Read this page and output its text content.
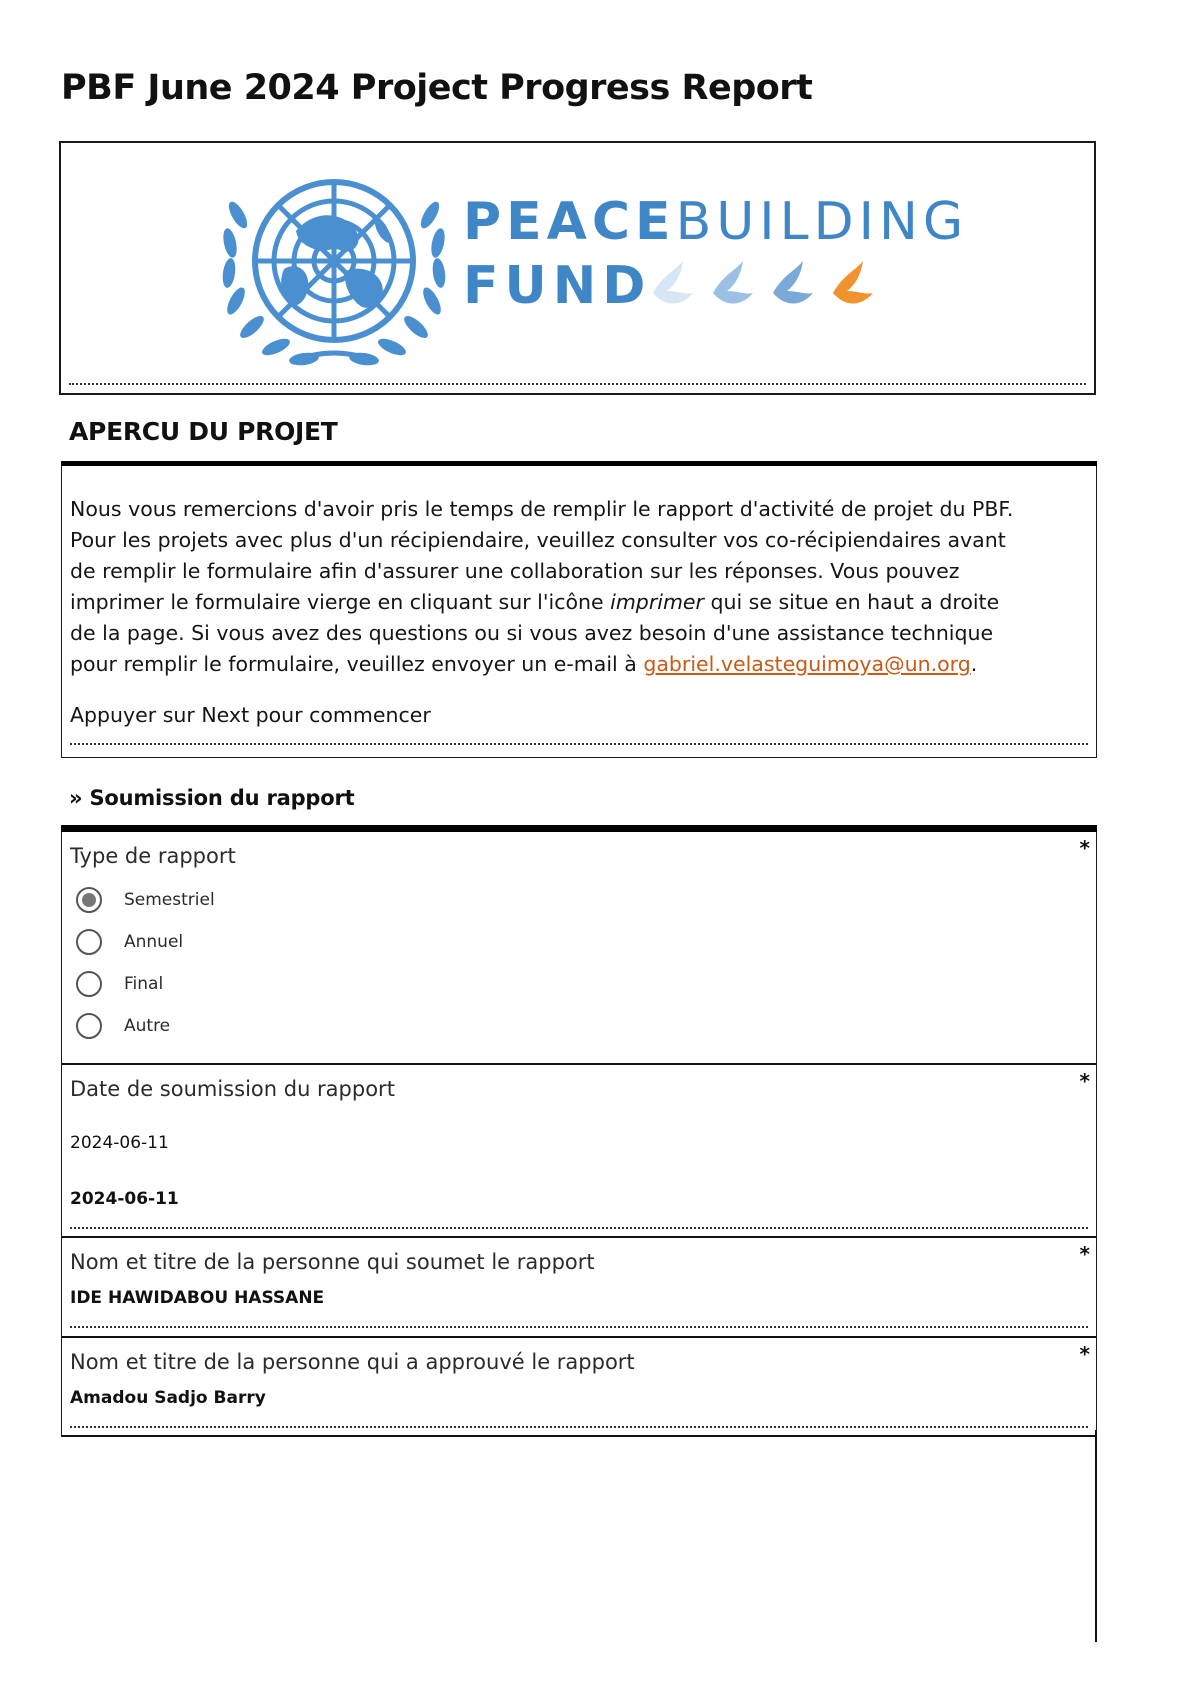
PBF June 2024 Project Progress Report
PEACEBUILDING
FUND
APERCU DU PROJET

Nous vous remercions d'avoir pris le temps de remplir le rapport d'activité de projet du PBF. Pour les projets avec plus d'un récipiendaire, veuillez consulter vos co-récipiendaires avant de remplir le formulaire afin d'assurer une collaboration sur les réponses. Vous pouvez imprimer le formulaire vierge en cliquant sur l'icône imprimer qui se situe en haut a droite de la page. Si vous avez des questions ou si vous avez besoin d'une assistance technique pour remplir le formulaire, veuillez envoyer un e-mail à gabriel.velasteguimoya@un.org.

Appuyer sur Next pour commencer

» Soumission du rapport
*

Type de rapport

Semestriel
Annuel
Final
Autre
*

Date de soumission du rapport

2024-06-11

2024-06-11

*

Nom et titre de la personne qui soumet le rapport

IDE HAWIDABOU HASSANE

*

Nom et titre de la personne qui a approuvé le rapport

Amadou Sadjo Barry
